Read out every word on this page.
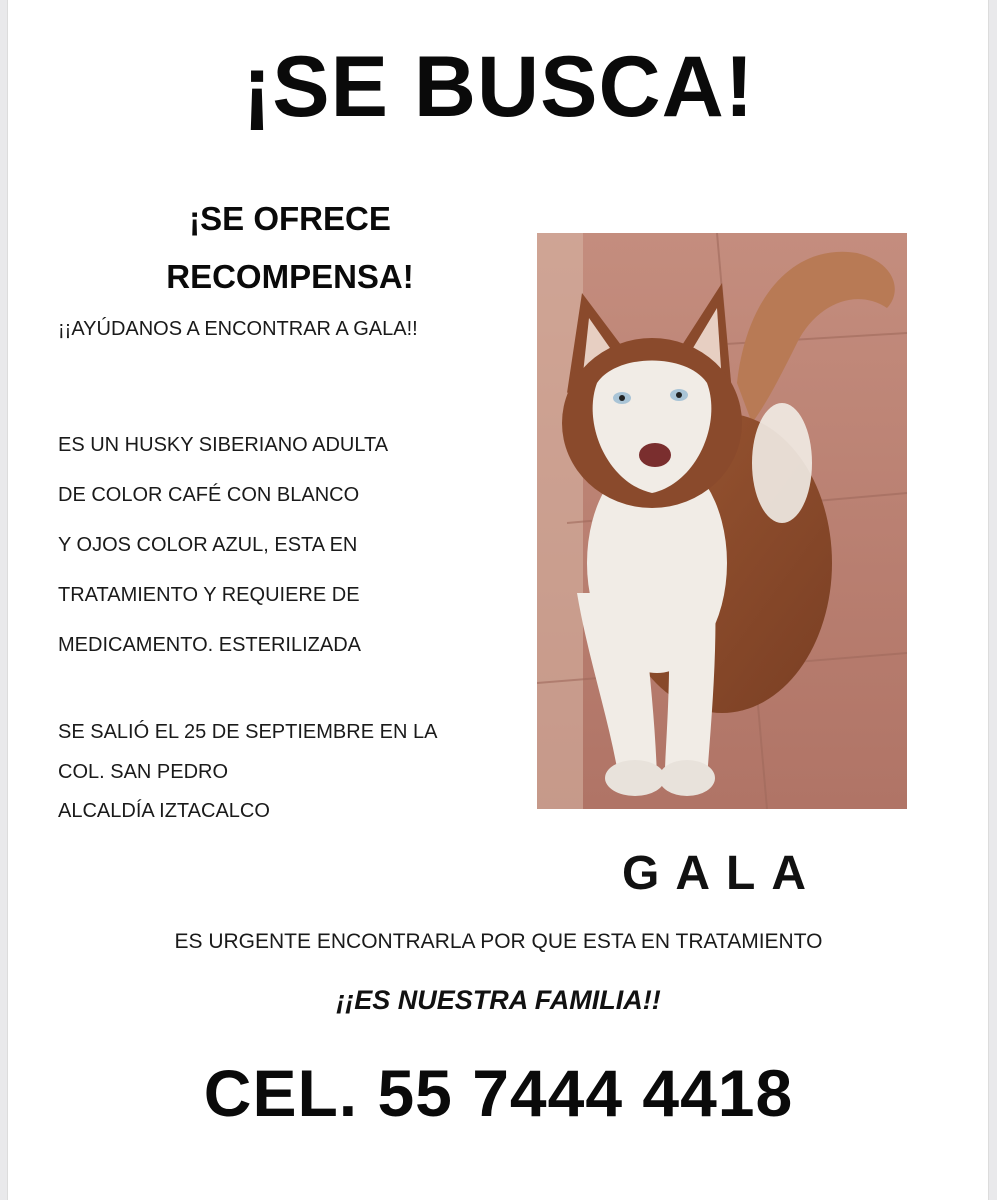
¡SE BUSCA!
¡SE OFRECE
RECOMPENSA!
¡¡AYÚDANOS A ENCONTRAR A GALA!!
ES UN HUSKY SIBERIANO ADULTA
DE COLOR CAFÉ CON BLANCO
Y OJOS COLOR AZUL, ESTA EN
TRATAMIENTO Y REQUIERE DE
MEDICAMENTO. ESTERILIZADA
SE SALIÓ EL 25 DE SEPTIEMBRE EN LA
COL. SAN PEDRO
ALCALDÍA IZTACALCO
GALA
ES URGENTE ENCONTRARLA POR QUE ESTA EN TRATAMIENTO
¡¡ES NUESTRA FAMILIA!!
CEL. 55 7444 4418
